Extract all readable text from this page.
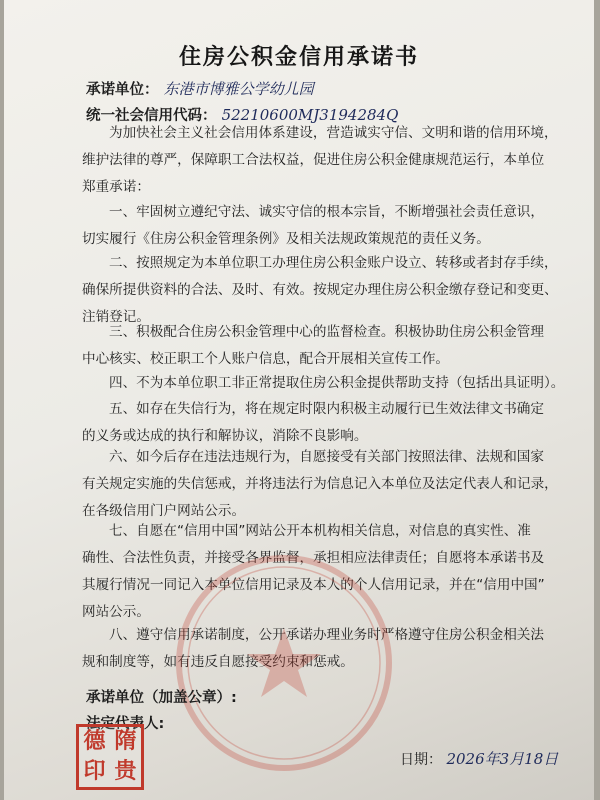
住房公积金信用承诺书
承诺单位： 东港市博雅公学幼儿园
统一社会信用代码： 52210600MJ3194284Q
为加快社会主义社会信用体系建设，营造诚实守信、文明和谐的信用环境，
维护法律的尊严，保障职工合法权益，促进住房公积金健康规范运行，本单位
郑重承诺：
一、牢固树立遵纪守法、诚实守信的根本宗旨，不断增强社会责任意识，
切实履行《住房公积金管理条例》及相关法规政策规范的责任义务。
二、按照规定为本单位职工办理住房公积金账户设立、转移或者封存手续，
确保所提供资料的合法、及时、有效。按规定办理住房公积金缴存登记和变更、
注销登记。
三、积极配合住房公积金管理中心的监督检查。积极协助住房公积金管理
中心核实、校正职工个人账户信息，配合开展相关宣传工作。
四、不为本单位职工非正常提取住房公积金提供帮助支持（包括出具证明）。
五、如存在失信行为，将在规定时限内积极主动履行已生效法律文书确定
的义务或达成的执行和解协议，消除不良影响。
六、如今后存在违法违规行为，自愿接受有关部门按照法律、法规和国家
有关规定实施的失信惩戒，并将违法行为信息记入本单位及法定代表人和记录，
在各级信用门户网站公示。
七、自愿在“信用中国”网站公开本机构相关信息，对信息的真实性、准
确性、合法性负责，并接受各界监督，承担相应法律责任；自愿将本承诺书及
其履行情况一同记入本单位信用记录及本人的个人信用记录，并在“信用中国”
网站公示。
八、遵守信用承诺制度，公开承诺办理业务时严格遵守住房公积金相关法
规和制度等，如有违反自愿接受约束和惩戒。
承诺单位（加盖公章）:
法定代表人:
德 隋
印 贵	日期： 2026年3月18日
